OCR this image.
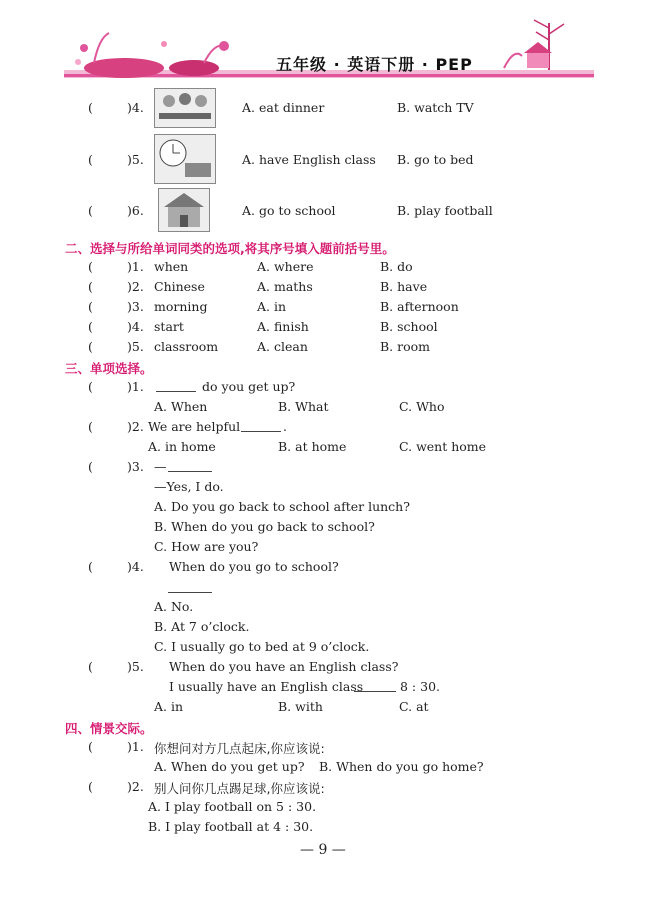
五年级 · 英语下册 · PEP
(	)4.	A. eat dinner	B. watch TV
(	)5.	A. have English class B. go to bed
(	)6.	A. go to school	B. play football
二、选择与所给单词同类的选项,将其序号填入题前括号里。
(	)1. when	A. where	B. do
(	)2. Chinese	A. maths	B. have
(	)3. morning	A. in	B. afternoon
(	)4. start	A. finish	B. school
(	)5. classroom	A. clean	B. room
三、单项选择。
(	)1.	do you get up?
A. When	B. What	C. Who
(	)2. We are helpful	.
A. in home	B. at home	C. went home
(	)3. —
—Yes, I do.
A. Do you go back to school after lunch?
B. When do you go back to school?
C. How are you?
(	)4. When do you go to school?
A. No.
B. At 7 o’clock.
C. I usually go to bed at 9 o’clock.
(	)5. When do you have an English class?
I usually have an English class	8 : 30.
A. in	B. with	C. at
四、情景交际。
(	)1. 你想问对方几点起床,你应该说:
A. When do you get up? B. When do you go home?
(	)2. 别人问你几点踢足球,你应该说:
A. I play football on 5 : 30.
B. I play football at 4 : 30.
— 9 —
